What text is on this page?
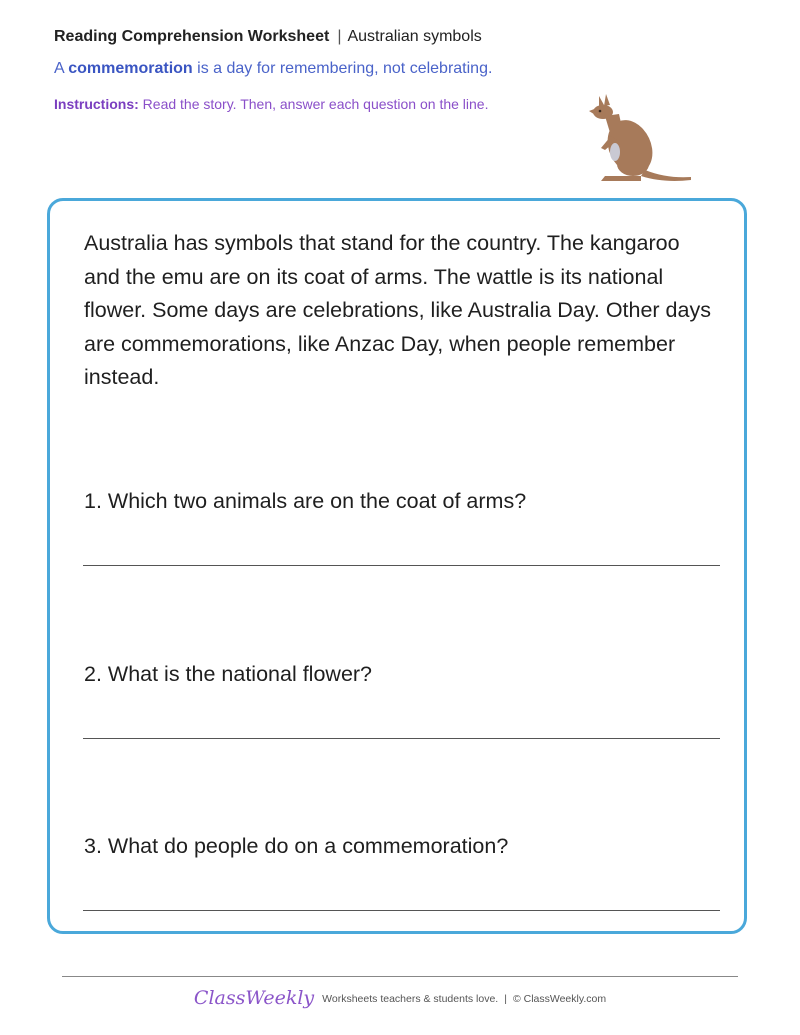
Reading Comprehension Worksheet | Australian symbols
A commemoration is a day for remembering, not celebrating.
Instructions: Read the story. Then, answer each question on the line.
Australia has symbols that stand for the country. The kangaroo and the emu are on its coat of arms. The wattle is its national flower. Some days are celebrations, like Australia Day. Other days are commemorations, like Anzac Day, when people remember instead.
1. Which two animals are on the coat of arms?
2. What is the national flower?
3. What do people do on a commemoration?
ClassWeekly Worksheets teachers & students love. | © ClassWeekly.com
